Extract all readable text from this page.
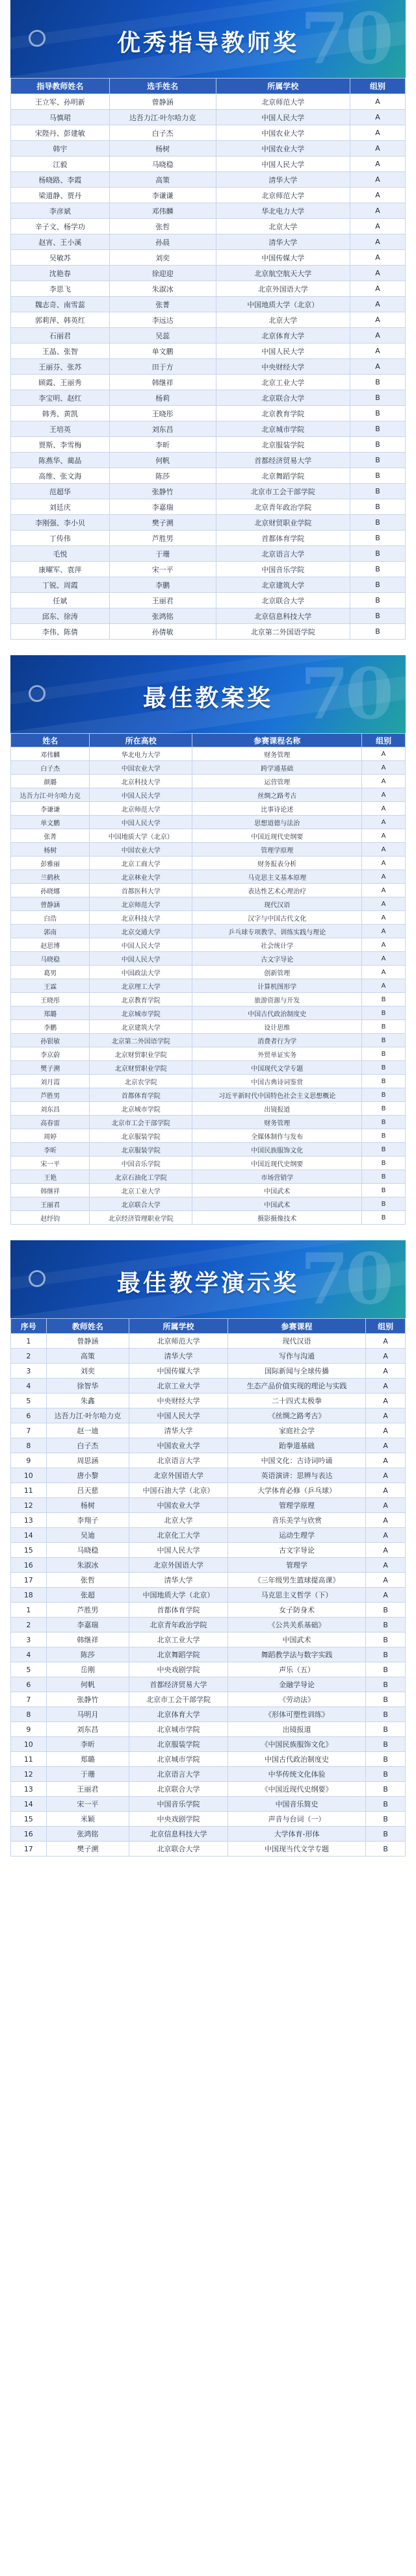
70
优秀指导教师奖
指导教师姓名	选手姓名	所属学校	组别
王立军、孙明新	曾静涵	北京师范大学	A
马慎珺	达吾力江·叶尔哈力克	中国人民大学	A
宋陛丹、彭建敏	白子杰	中国农业大学	A
韩宇	杨树	中国农业大学	A
江毅	马晓稳	中国人民大学	A
杨晓路、李霞	高策	清华大学	A
梁道静、贾丹	李谦谦	北京师范大学	A
李彦斌	邓伟麟	华北电力大学	A
辛子文、杨学功	张哲	北京大学	A
赵宵、王小溪	孙晨	清华大学	A
吴敏苏	刘奕	中国传媒大学	A
沈艳春	徐迎迎	北京航空航天大学	A
李思飞	朱淑冰	北京外国语大学	A
魏志奇、南雪蕊	张菁	中国地质大学（北京）	A
郭莉萍、韩英红	李远达	北京大学	A
石丽君	吴蕊	北京体育大学	A
王晶、张智	单文鹏	中国人民大学	A
王丽芬、张苏	田于方	中央财经大学	A
顾霞、王丽秀	韩继祥	北京工业大学	B
李宝明、赵红	杨莉	北京联合大学	B
韩秀、黄凯	王晓彤	北京教育学院	B
王培英	刘东昌	北京城市学院	B
贾斯、李雪梅	李昕	北京服装学院	B
陈燕华、蔺晶	何帆	首都经济贸易大学	B
高维、张文海	陈莎	北京舞蹈学院	B
范超华	张静竹	北京市工会干部学院	B
刘廷庆	李嘉瑞	北京青年政治学院	B
李刚强、李小贝	樊子溯	北京财贸职业学院	B
丁传伟	芦胜男	首都体育学院	B
毛悦	于珊	北京语言大学	B
康曜军、袁萍	宋一平	中国音乐学院	B
丁锐、周霞	李鹏	北京建筑大学	B
任斌	王丽君	北京联合大学	B
邱东、徐涛	张鸿铭	北京信息科技大学	B
李伟、陈倩	孙倩敏	北京第二外国语学院	B
70
最佳教案奖
姓名	所在高校	参赛课程名称	组别
邓伟麟	华北电力大学	财务管理	A
白子杰	中国农业大学	跨学通基础	A
颜璐	北京科技大学	运营管理	A
达吾力江·叶尔哈力克	中国人民大学	丝绸之路考古	A
李谦谦	北京师范大学	比事诗论述	A
单文鹏	中国人民大学	思想道德与法治	A
张菁	中国地质大学（北京）	中国近现代史纲要	A
杨树	中国农业大学	管理学原理	A
彭雅丽	北京工商大学	财务报表分析	A
兰鹤秋	北京林业大学	马克思主义基本原理	A
孙晓娜	首都医科大学	表达性艺术心理治疗	A
曾静涵	北京师范大学	现代汉语	A
白浩	北京科技大学	汉字与中国古代文化	A
郭南	北京交通大学	乒乓球专项教学、训练实践与理论	A
赵思博	中国人民大学	社会统计学	A
马晓稳	中国人民大学	古文字导论	A
葛男	中国政法大学	创新管理	A
王霖	北京理工大学	计算机图形学	A
王晓彤	北京教育学院	旅游资源与开发	B
郑璐	北京城市学院	中国古代政治制度史	B
李鹏	北京建筑大学	设计思维	B
孙银敏	北京第二外国语学院	消费者行为学	B
李京蔚	北京财贸职业学院	外贸单证实务	B
樊子溯	北京财贸职业学院	中国现代文学专题	B
刘月霞	北京农学院	中国古典诗词鉴赏	B
芦胜男	首都体育学院	习近平新时代中国特色社会主义思想概论	B
刘东昌	北京城市学院	出镜报道	B
高春雷	北京市工会干部学院	财务管理	B
周婷	北京服装学院	全媒体制作与发布	B
李昕	北京服装学院	中国民族服饰文化	B
宋一平	中国音乐学院	中国近现代史纲要	B
王艳	北京石油化工学院	市场营销学	B
韩继祥	北京工业大学	中国武术	B
王丽君	北京联合大学	中国武术	B
赵纾钧	北京经济管理职业学院	摄影摄像技术	B
70
最佳教学演示奖
序号	教师姓名	所属学校	参赛课程	组别
1	曾静涵	北京师范大学	现代汉语	A
2	高策	清华大学	写作与沟通	A
3	刘奕	中国传媒大学	国际新闻与全球传播	A
4	徐智华	北京工业大学	生态产品价值实现的理论与实践	A
5	朱鑫	中央财经大学	二十四式太极拳	A
6	达吾力江·叶尔哈力克	中国人民大学	《丝绸之路考古》	A
7	赵一迪	清华大学	家庭社会学	A
8	白子杰	中国农业大学	跆拳道基础	A
9	周思涵	北京语言大学	中国文化：古诗词吟诵	A
10	唐小黎	北京外国语大学	英语演讲：思辨与表达	A
11	吕天慈	中国石油大学（北京）	大学体育必修（乒乓球）	A
12	杨树	中国农业大学	管理学原理	A
13	李翔子	北京大学	音乐美学与欣赏	A
14	吴迪	北京化工大学	运动生理学	A
15	马晓稳	中国人民大学	古文字导论	A
16	朱淑冰	北京外国语大学	管理学	A
17	张哲	清华大学	《三年级男生篮球提高课》	A
18	张超	中国地质大学（北京）	马克思主义哲学（下）	A
1	芦胜男	首都体育学院	女子防身术	B
2	李嘉瑞	北京青年政治学院	《公共关系基础》	B
3	韩继祥	北京工业大学	中国武术	B
4	陈莎	北京舞蹈学院	舞蹈教学法与数字实践	B
5	岳刚	中央戏剧学院	声乐（五）	B
6	何帆	首都经济贸易大学	金融学导论	B
7	张静竹	北京市工会干部学院	《劳动法》	B
8	马明月	北京体育大学	《形体可塑性训练》	B
9	刘东昌	北京城市学院	出镜报道	B
10	李昕	北京服装学院	《中国民族服饰文化》	B
11	郑璐	北京城市学院	中国古代政治制度史	B
12	于珊	北京语言大学	中华传统文化体验	B
13	王丽君	北京联合大学	《中国近现代史纲要》	B
14	宋一平	中国音乐学院	中国音乐简史	B
15	米颖	中央戏剧学院	声音与台词（一）	B
16	张鸿铭	北京信息科技大学	大学体育-形体	B
17	樊子溯	北京联合大学	中国现当代文学专题	B
